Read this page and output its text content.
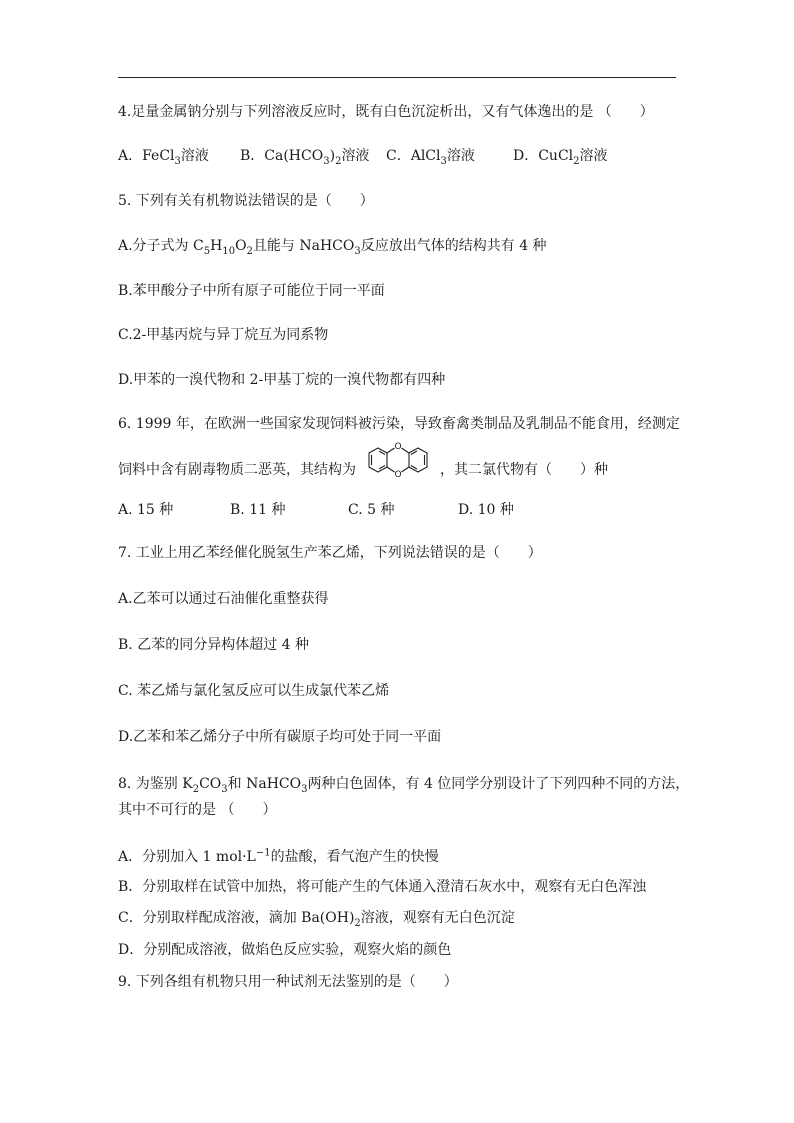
4.足量金属钠分别与下列溶液反应时，既有白色沉淀析出，又有气体逸出的是 （　　）
A．FeCl$_3$溶液 B．$Ca(HCO_3)_2$溶液 C．AlCl$_3$溶液	D．CuCl$_2$溶液
5. 下列有关有机物说法错误的是（　　）
A.分子式为 $C_5H_{10}O_2$且能与 NaHCO$_3$反应放出气体的结构共有 4 种
B.苯甲酸分子中所有原子可能位于同一平面
C.2-甲基丙烷与异丁烷互为同系物
D.甲苯的一溴代物和 2-甲基丁烷的一溴代物都有四种
6. 1999 年，在欧洲一些国家发现饲料被污染，导致畜禽类制品及乳制品不能食用，经测定
饲料中含有剧毒物质二恶英，其结构为
O
O	，其二氯代物有（　　）种
A. 15 种	B. 11 种	C. 5 种	D. 10 种
7. 工业上用乙苯经催化脱氢生产苯乙烯，下列说法错误的是（　　）
A.乙苯可以通过石油催化重整获得
B. 乙苯的同分异构体超过 4 种
C. 苯乙烯与氯化氢反应可以生成氯代苯乙烯
D.乙苯和苯乙烯分子中所有碳原子均可处于同一平面
8. 为鉴别 $K_2CO_3$和 NaHCO$_3$两种白色固体，有 4 位同学分别设计了下列四种不同的方法，
其中不可行的是 （　　）
A．分别加入 1 $mol\cdot L^{-1}$的盐酸，看气泡产生的快慢
B．分别取样在试管中加热，将可能产生的气体通入澄清石灰水中，观察有无白色浑浊
C．分别取样配成溶液，滴加 $Ba(OH)_2$溶液，观察有无白色沉淀
D．分别配成溶液，做焰色反应实验，观察火焰的颜色
9. 下列各组有机物只用一种试剂无法鉴别的是（　　）
